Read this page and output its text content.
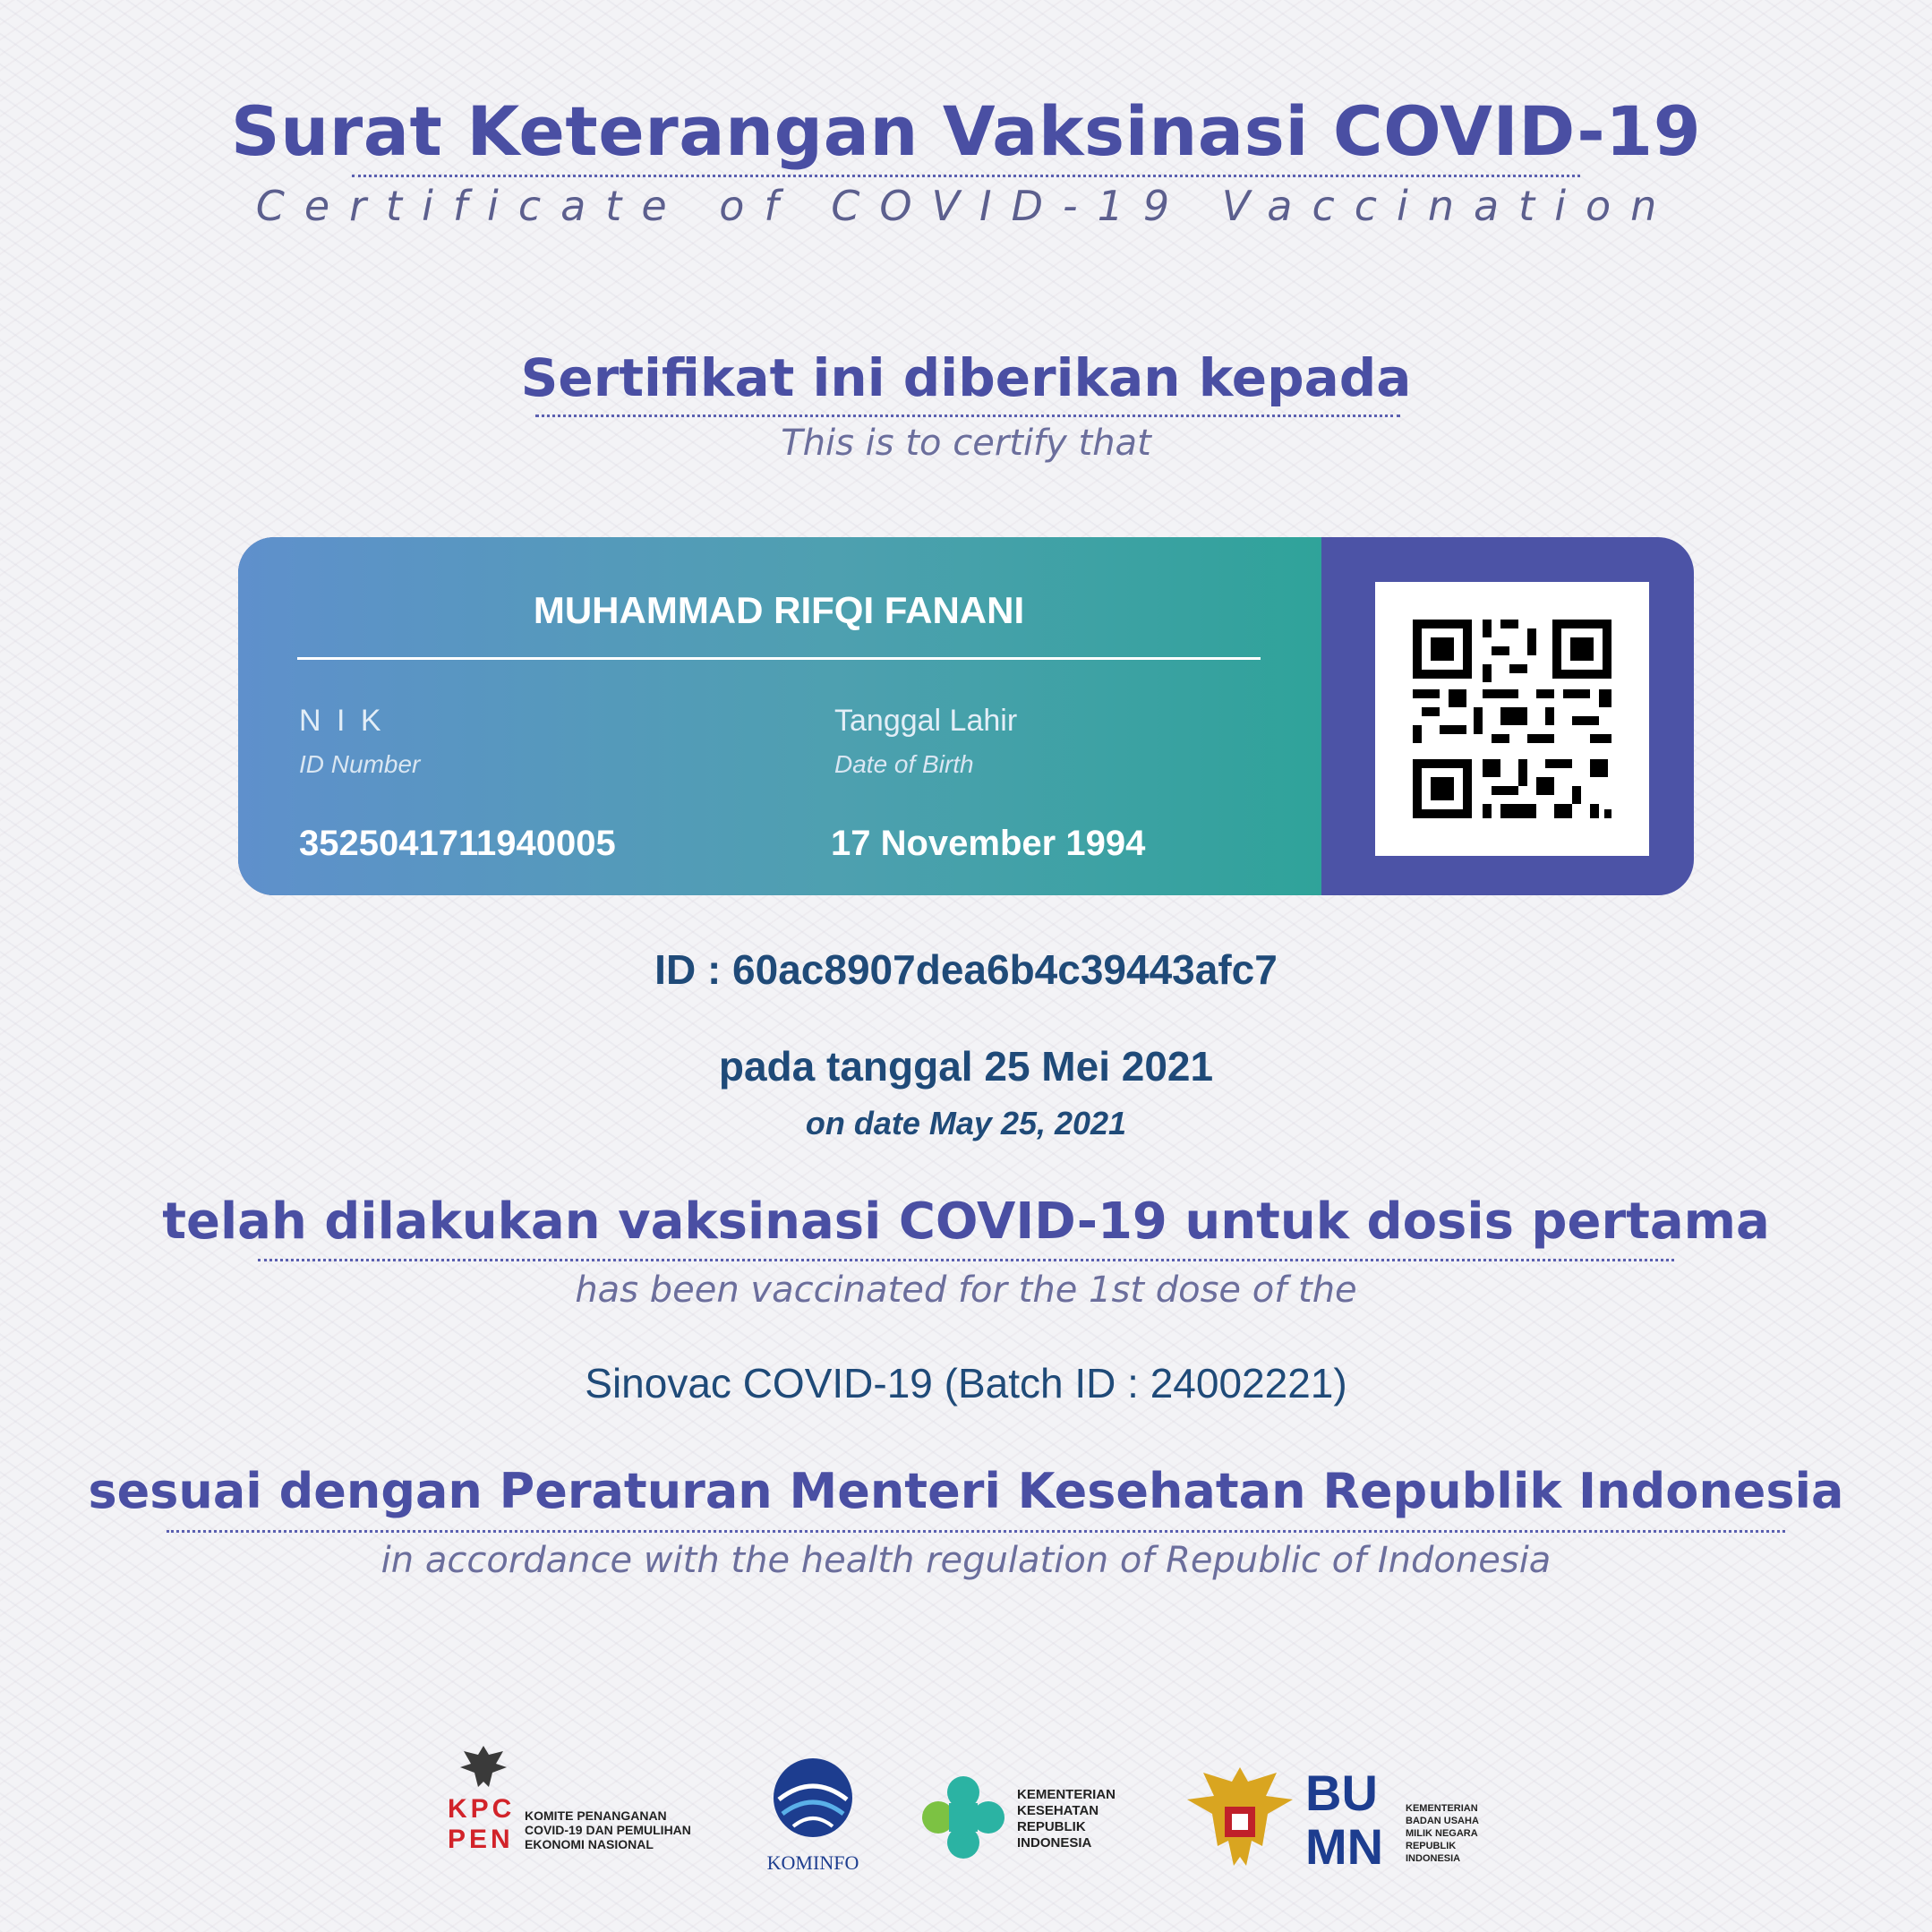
Surat Keterangan Vaksinasi COVID-19
Certificate of COVID-19 Vaccination
Sertifikat ini diberikan kepada
This is to certify that
MUHAMMAD RIFQI FANANI
N I K
ID Number
3525041711940005
Tanggal Lahir
Date of Birth
17 November 1994
ID : 60ac8907dea6b4c39443afc7
pada tanggal 25 Mei 2021
on date May 25, 2021
telah dilakukan vaksinasi COVID-19 untuk dosis pertama
has been vaccinated for the 1st dose of the
Sinovac COVID-19 (Batch ID : 24002221)
sesuai dengan Peraturan Menteri Kesehatan Republik Indonesia
in accordance with the health regulation of Republic of Indonesia
KPC
PEN
KOMITE PENANGANAN
COVID-19 DAN PEMULIHAN
EKONOMI NASIONAL
KOMINFO
KEMENTERIAN
KESEHATAN
REPUBLIK
INDONESIA
BU
MN
KEMENTERIAN
BADAN USAHA
MILIK NEGARA
REPUBLIK
INDONESIA
